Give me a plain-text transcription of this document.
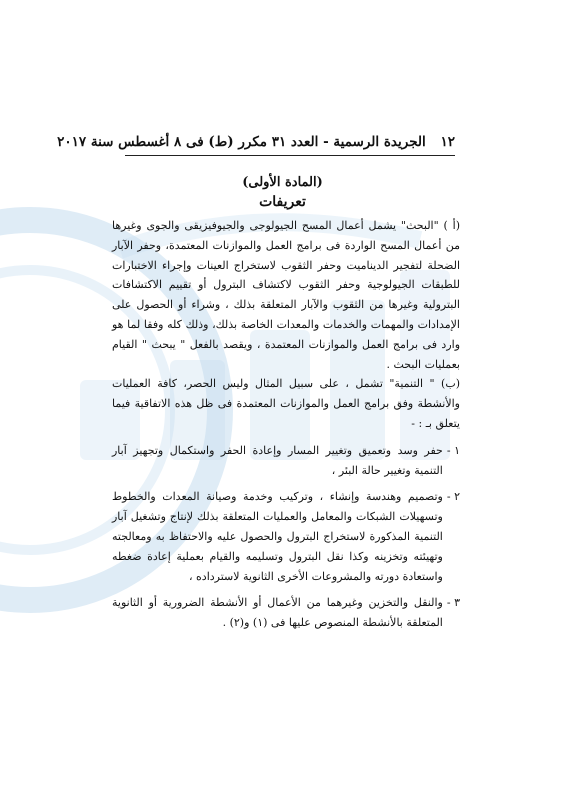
١٢ الجريدة الرسمية - العدد ٣١ مكرر (ط) فى ٨ أغسطس سنة ٢٠١٧
(المادة الأولى)
تعريفات

(أ ) "البحث" يشمل أعمال المسح الجيولوجى والجيوفيزيقى والجوى وغيرها من أعمال المسح الواردة فى برامج العمل والموازنات المعتمدة، وحفر الآبار الضحلة لتفجير الديناميت وحفر الثقوب لاستخراج العينات وإجراء الاختبارات للطبقات الجيولوجية وحفر الثقوب لاكتشاف البترول أو تقييم الاكتشافات البترولية وغيرها من الثقوب والآبار المتعلقة بذلك ، وشراء أو الحصول على الإمدادات والمهمات والخدمات والمعدات الخاصة بذلك، وذلك كله وفقا لما هو وارد فى برامج العمل والموازنات المعتمدة ، ويقصد بالفعل " يبحث " القيام بعمليات البحث .

(ب) " التنمية" تشمل ، على سبيل المثال وليس الحصر، كافة العمليات والأنشطة وفق برامج العمل والموازنات المعتمدة فى ظل هذه الاتفاقية فيما يتعلق بـ : -

١ -
حفر وسد وتعميق وتغيير المسار وإعادة الحفر واستكمال وتجهيز آبار التنمية وتغيير حالة البئر ،
٢ -
وتصميم وهندسة وإنشاء ، وتركيب وخدمة وصيانة المعدات والخطوط وتسهيلات الشبكات والمعامل والعمليات المتعلقة بذلك لإنتاج وتشغيل آبار التنمية المذكورة لاستخراج البترول والحصول عليه والاحتفاظ به ومعالجته وتهيئته وتخزينه وكذا نقل البترول وتسليمه والقيام بعملية إعادة ضغطه واستعادة دورته والمشروعات الأخرى الثانوية لاسترداده ،
٣ -
والنقل والتخزين وغيرهما من الأعمال أو الأنشطة الضرورية أو الثانوية المتعلقة بالأنشطة المنصوص عليها فى (١) و(٢) .
